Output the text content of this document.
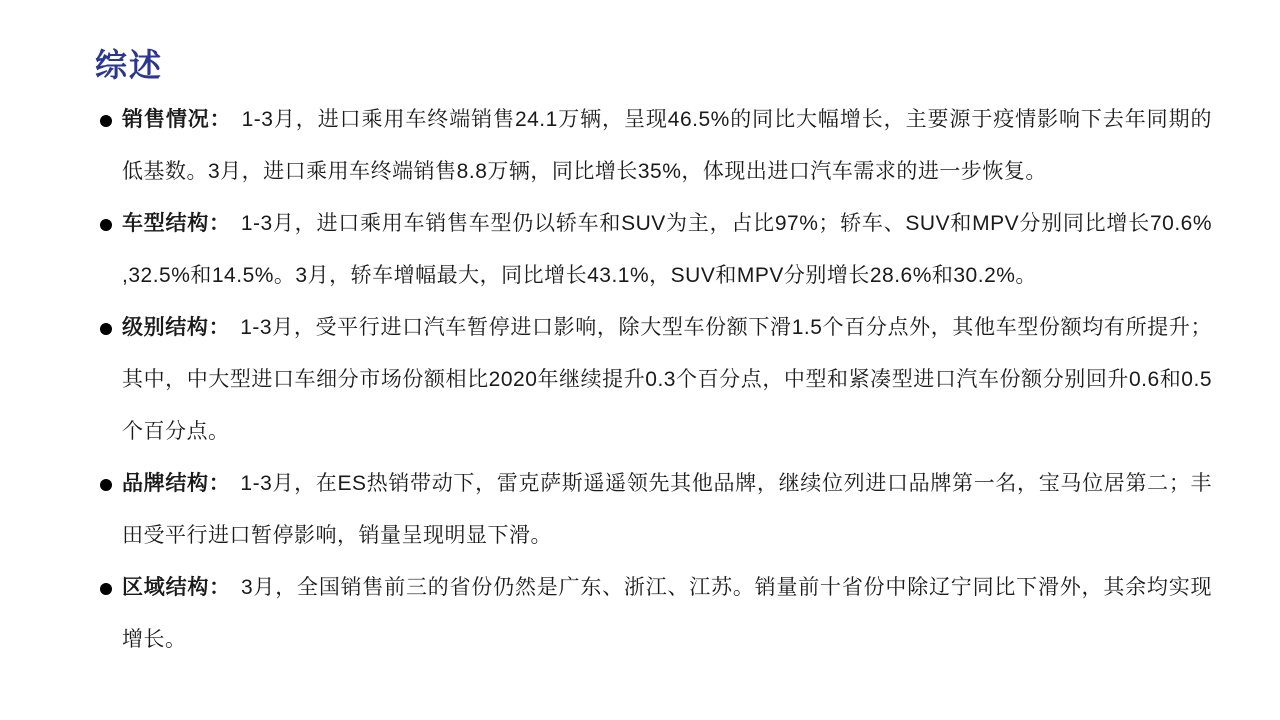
综述
销售情况： 1-3月，进口乘用车终端销售24.1万辆，呈现46.5%的同比大幅增长，主要源于疫情影响下去年同期的低基数。3月，进口乘用车终端销售8.8万辆，同比增长35%，体现出进口汽车需求的进一步恢复。
车型结构： 1-3月，进口乘用车销售车型仍以轿车和SUV为主，占比97%；轿车、SUV和MPV分别同比增长70.6% ,32.5%和14.5%。3月，轿车增幅最大，同比增长43.1%，SUV和MPV分别增长28.6%和30.2%。
级别结构： 1-3月，受平行进口汽车暂停进口影响，除大型车份额下滑1.5个百分点外，其他车型份额均有所提升；其中，中大型进口车细分市场份额相比2020年继续提升0.3个百分点，中型和紧凑型进口汽车份额分别回升0.6和0.5个百分点。
品牌结构： 1-3月，在ES热销带动下，雷克萨斯遥遥领先其他品牌，继续位列进口品牌第一名，宝马位居第二；丰田受平行进口暂停影响，销量呈现明显下滑。
区域结构： 3月，全国销售前三的省份仍然是广东、浙江、江苏。销量前十省份中除辽宁同比下滑外，其余均实现增长。
